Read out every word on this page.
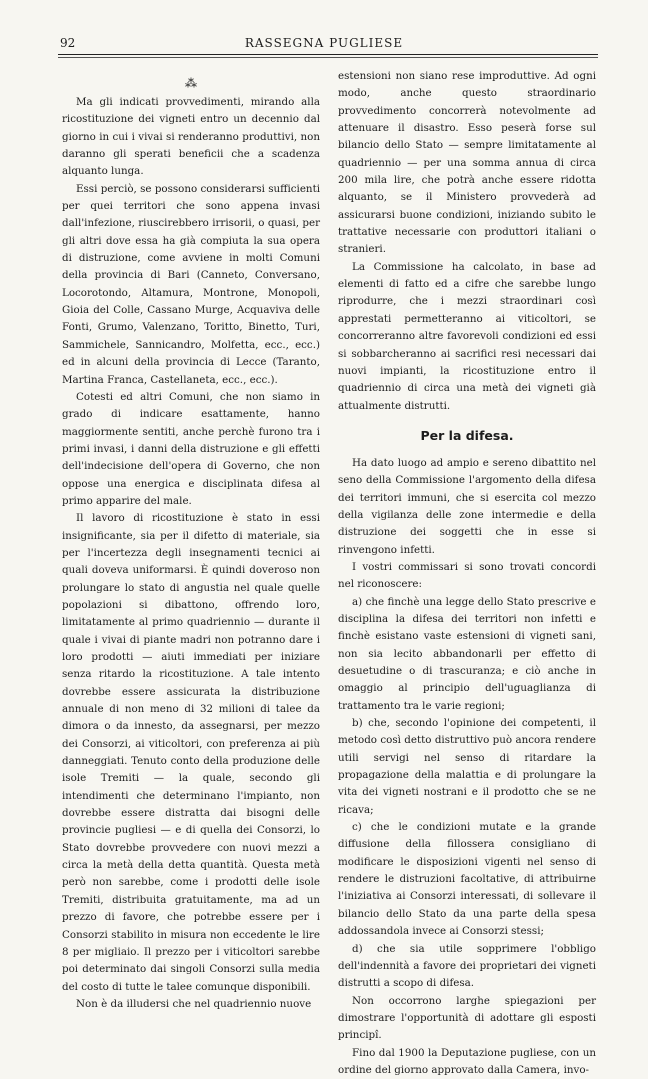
92	RASSEGNA PUGLIESE
⁂

Ma gli indicati provvedimenti, mirando alla ricostituzione dei vigneti entro un decennio dal giorno in cui i vivai si renderanno produttivi, non daranno gli sperati beneficii che a scadenza alquanto lunga.

Essi perciò, se possono considerarsi sufficienti per quei territori che sono appena invasi dall'infezione, riuscirebbero irrisorii, o quasi, per gli altri dove essa ha già compiuta la sua opera di distruzione, come avviene in molti Comuni della provincia di Bari (Canneto, Conversano, Locorotondo, Altamura, Montrone, Monopoli, Gioia del Colle, Cassano Murge, Acquaviva delle Fonti, Grumo, Valenzano, Toritto, Binetto, Turi, Sammichele, Sannicandro, Molfetta, ecc., ecc.) ed in alcuni della provincia di Lecce (Taranto, Martina Franca, Castellaneta, ecc., ecc.).

Cotesti ed altri Comuni, che non siamo in grado di indicare esattamente, hanno maggiormente sentiti, anche perchè furono tra i primi invasi, i danni della distruzione e gli effetti dell'indecisione dell'opera di Governo, che non oppose una energica e disciplinata difesa al primo apparire del male.

Il lavoro di ricostituzione è stato in essi insignificante, sia per il difetto di materiale, sia per l'incertezza degli insegnamenti tecnici ai quali doveva uniformarsi. È quindi doveroso non prolungare lo stato di angustia nel quale quelle popolazioni si dibattono, offrendo loro, limitatamente al primo quadriennio — durante il quale i vivai di piante madri non potranno dare i loro prodotti — aiuti immediati per iniziare senza ritardo la ricostituzione. A tale intento dovrebbe essere assicurata la distribuzione annuale di non meno di 32 milioni di talee da dimora o da innesto, da assegnarsi, per mezzo dei Consorzi, ai viticoltori, con preferenza ai più danneggiati. Tenuto conto della produzione delle isole Tremiti — la quale, secondo gli intendimenti che determinano l'impianto, non dovrebbe essere distratta dai bisogni delle provincie pugliesi — e di quella dei Consorzi, lo Stato dovrebbe provvedere con nuovi mezzi a circa la metà della detta quantità. Questa metà però non sarebbe, come i prodotti delle isole Tremiti, distribuita gratuitamente, ma ad un prezzo di favore, che potrebbe essere per i Consorzi stabilito in misura non eccedente le lire 8 per migliaio. Il prezzo per i viticoltori sarebbe poi determinato dai singoli Consorzi sulla media del costo di tutte le talee comunque disponibili.

Non è da illudersi che nel quadriennio nuove

estensioni non siano rese improduttive. Ad ogni modo, anche questo straordinario provvedimento concorrerà notevolmente ad attenuare il disastro. Esso peserà forse sul bilancio dello Stato — sempre limitatamente al quadriennio — per una somma annua di circa 200 mila lire, che potrà anche essere ridotta alquanto, se il Ministero provvederà ad assicurarsi buone condizioni, iniziando subito le trattative necessarie con produttori italiani o stranieri.

La Commissione ha calcolato, in base ad elementi di fatto ed a cifre che sarebbe lungo riprodurre, che i mezzi straordinari così apprestati permetteranno ai viticoltori, se concorreranno altre favorevoli condizioni ed essi si sobbarcheranno ai sacrifici resi necessari dai nuovi impianti, la ricostituzione entro il quadriennio di circa una metà dei vigneti già attualmente distrutti.

Per la difesa.

Ha dato luogo ad ampio e sereno dibattito nel seno della Commissione l'argomento della difesa dei territori immuni, che si esercita col mezzo della vigilanza delle zone intermedie e della distruzione dei soggetti che in esse si rinvengono infetti.

I vostri commissari si sono trovati concordi nel riconoscere:

a) che finchè una legge dello Stato prescrive e disciplina la difesa dei territori non infetti e finchè esistano vaste estensioni di vigneti sani, non sia lecito abbandonarli per effetto di desuetudine o di trascuranza; e ciò anche in omaggio al principio dell'uguaglianza di trattamento tra le varie regioni;

b) che, secondo l'opinione dei competenti, il metodo così detto distruttivo può ancora rendere utili servigi nel senso di ritardare la propagazione della malattia e di prolungare la vita dei vigneti nostrani e il prodotto che se ne ricava;

c) che le condizioni mutate e la grande diffusione della fillossera consigliano di modificare le disposizioni vigenti nel senso di rendere le distruzioni facoltative, di attribuirne l'iniziativa ai Consorzi interessati, di sollevare il bilancio dello Stato da una parte della spesa addossandola invece ai Consorzi stessi;

d) che sia utile sopprimere l'obbligo dell'indennità a favore dei proprietari dei vigneti distrutti a scopo di difesa.

Non occorrono larghe spiegazioni per dimostrare l'opportunità di adottare gli esposti principî.

Fino dal 1900 la Deputazione pugliese, con un ordine del giorno approvato dalla Camera, invo-
